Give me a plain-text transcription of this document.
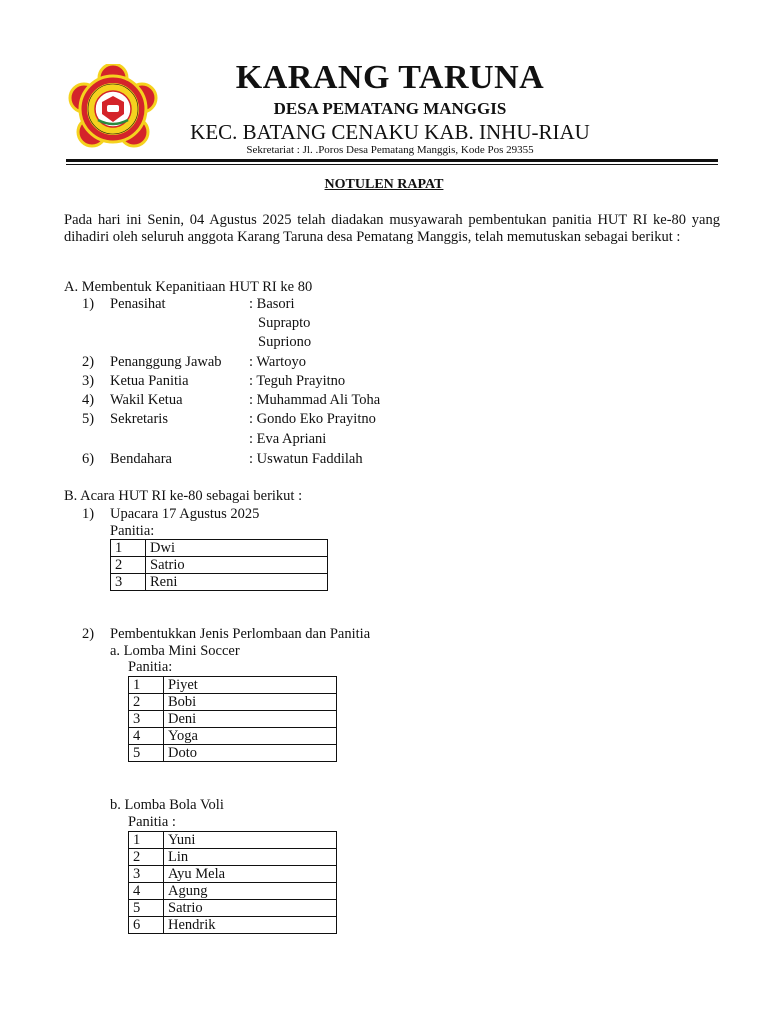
KARANG TARUNA
DESA PEMATANG MANGGIS
KEC. BATANG CENAKU KAB. INHU-RIAU
Sekretariat : Jl. .Poros Desa Pematang Manggis, Kode Pos 29355
NOTULEN RAPAT

Pada hari ini Senin, 04 Agustus 2025 telah diadakan musyawarah pembentukan panitia HUT RI ke-80 yang dihadiri oleh seluruh anggota Karang Taruna desa Pematang Manggis, telah memutuskan sebagai berikut :

A. Membentuk Kepanitiaan HUT RI ke 80
1) Penasihat	: Basori
Suprapto
Supriono
2) Penanggung Jawab : Wartoyo
3) Ketua Panitia	: Teguh Prayitno
4) Wakil Ketua	: Muhammad Ali Toha
5) Sekretaris	: Gondo Eko Prayitno
: Eva Apriani
6) Bendahara	: Uswatun Faddilah
B. Acara HUT RI ke-80 sebagai berikut :
1) Upacara 17 Agustus 2025
Panitia:
1	Dwi
2	Satrio
3	Reni
2) Pembentukkan Jenis Perlombaan dan Panitia
a. Lomba Mini Soccer
Panitia:
1	Piyet
2	Bobi
3	Deni
4	Yoga
5	Doto
b. Lomba Bola Voli
Panitia :
1	Yuni
2	Lin
3	Ayu Mela
4	Agung
5	Satrio
6	Hendrik
